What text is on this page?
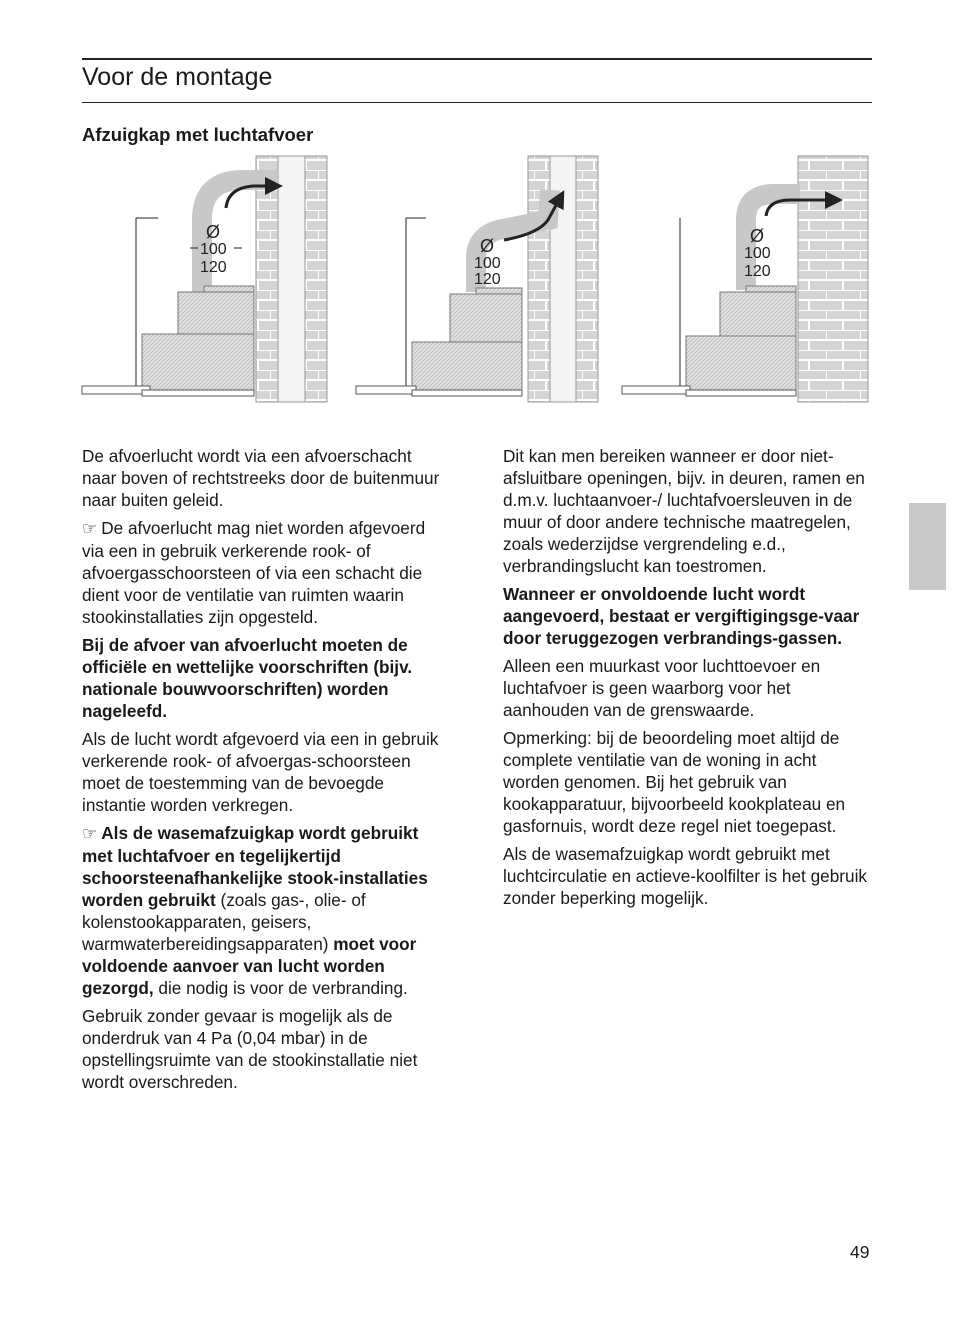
Voor de montage
Afzuigkap met luchtafvoer
Ø
100
120
Ø
100
120
Ø
100
120

De afvoerlucht wordt via een afvoerschacht naar boven of rechtstreeks door de buitenmuur naar buiten geleid.

☞ De afvoerlucht mag niet worden afgevoerd via een in gebruik verkerende rook- of afvoergasschoorsteen of via een schacht die dient voor de ventilatie van ruimten waarin stookinstallaties zijn opgesteld.

Bij de afvoer van afvoerlucht moeten de officiële en wettelijke voorschriften (bijv. nationale bouwvoorschriften) worden nageleefd.

Als de lucht wordt afgevoerd via een in gebruik verkerende rook- of afvoergas-schoorsteen moet de toestemming van de bevoegde instantie worden verkregen.

☞ Als de wasemafzuigkap wordt gebruikt met luchtafvoer en tegelijkertijd schoorsteenafhankelijke stook-installaties worden gebruikt (zoals gas-, olie- of kolenstookapparaten, geisers, warmwaterbereidingsapparaten) moet voor voldoende aanvoer van lucht worden gezorgd, die nodig is voor de verbranding.

Gebruik zonder gevaar is mogelijk als de onderdruk van 4 Pa (0,04 mbar) in de opstellingsruimte van de stookinstallatie niet wordt overschreden.

Dit kan men bereiken wanneer er door niet-afsluitbare openingen, bijv. in deuren, ramen en d.m.v. luchtaanvoer-/ luchtafvoersleuven in de muur of door andere technische maatregelen, zoals wederzijdse vergrendeling e.d., verbrandingslucht kan toestromen.

Wanneer er onvoldoende lucht wordt aangevoerd, bestaat er vergiftigingsge-vaar door teruggezogen verbrandings-gassen.

Alleen een muurkast voor luchttoevoer en luchtafvoer is geen waarborg voor het aanhouden van de grenswaarde.

Opmerking: bij de beoordeling moet altijd de complete ventilatie van de woning in acht worden genomen. Bij het gebruik van kookapparatuur, bijvoorbeeld kookplateau en gasfornuis, wordt deze regel niet toegepast.

Als de wasemafzuigkap wordt gebruikt met luchtcirculatie en actieve-koolfilter is het gebruik zonder beperking mogelijk.

49
